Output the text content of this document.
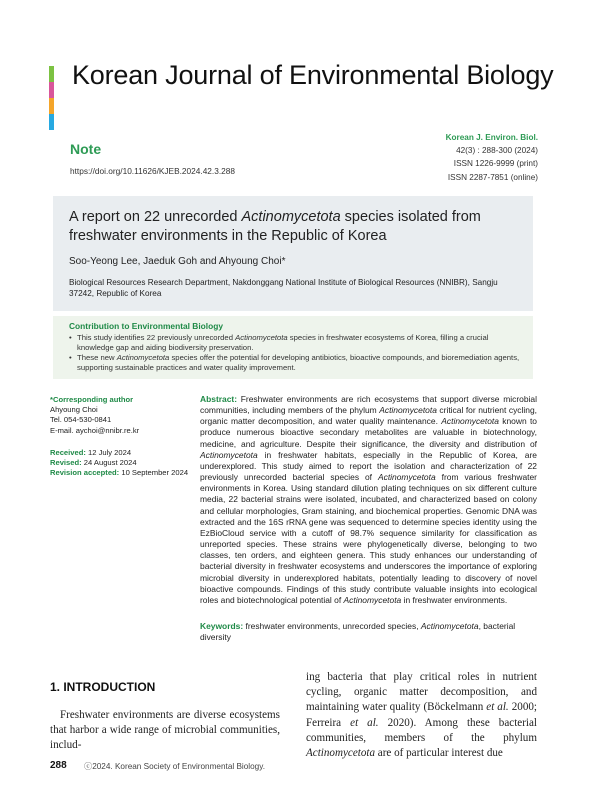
Korean Journal of Environmental Biology
Note
https://doi.org/10.11626/KJEB.2024.42.3.288
Korean J. Environ. Biol.
42(3) : 288-300 (2024)
ISSN 1226-9999 (print)
ISSN 2287-7851 (online)
A report on 22 unrecorded Actinomycetota species isolated from freshwater environments in the Republic of Korea
Soo-Yeong Lee, Jaeduk Goh and Ahyoung Choi*
Biological Resources Research Department, Nakdonggang National Institute of Biological Resources (NNIBR), Sangju 37242, Republic of Korea
Contribution to Environmental Biology
• This study identifies 22 previously unrecorded Actinomycetota species in freshwater ecosystems of Korea, filling a crucial knowledge gap and aiding biodiversity preservation.
• These new Actinomycetota species offer the potential for developing antibiotics, bioactive compounds, and bioremediation agents, supporting sustainable practices and water quality improvement.
*Corresponding author
Ahyoung Choi
Tel. 054-530-0841
E-mail. aychoi@nnibr.re.kr
Received: 12 July 2024
Revised: 24 August 2024
Revision accepted: 10 September 2024
Abstract: Freshwater environments are rich ecosystems that support diverse microbial communities, including members of the phylum Actinomycetota critical for nutrient cycling, organic matter decomposition, and water quality maintenance. Actinomycetota known to produce numerous bioactive secondary metabolites are valuable in biotechnology, medicine, and agriculture. Despite their significance, the diversity and distribution of Actinomycetota in freshwater habitats, especially in the Republic of Korea, are underexplored. This study aimed to report the isolation and characterization of 22 previously unrecorded bacterial species of Actinomycetota from various freshwater environments in Korea. Using standard dilution plating techniques on six different culture media, 22 bacterial strains were isolated, incubated, and characterized based on colony and cellular morphologies, Gram staining, and biochemical properties. Genomic DNA was extracted and the 16S rRNA gene was sequenced to determine species identity using the EzBioCloud service with a cutoff of 98.7% sequence similarity for classification as unreported species. These strains were phylogenetically diverse, belonging to two classes, ten orders, and eighteen genera. This study enhances our understanding of bacterial diversity in freshwater ecosystems and underscores the importance of exploring microbial diversity in underexplored habitats, potentially leading to discovery of novel bioactive compounds. Findings of this study contribute valuable insights into ecological roles and biotechnological potential of Actinomycetota in freshwater environments.
Keywords: freshwater environments, unrecorded species, Actinomycetota, bacterial diversity
1. INTRODUCTION
Freshwater environments are diverse ecosystems that harbor a wide range of microbial communities, includ-
ing bacteria that play critical roles in nutrient cycling, organic matter decomposition, and maintaining water quality (Böckelmann et al. 2000; Ferreira et al. 2020). Among these bacterial communities, members of the phylum Actinomycetota are of particular interest due
288 ⓒ2024. Korean Society of Environmental Biology.
